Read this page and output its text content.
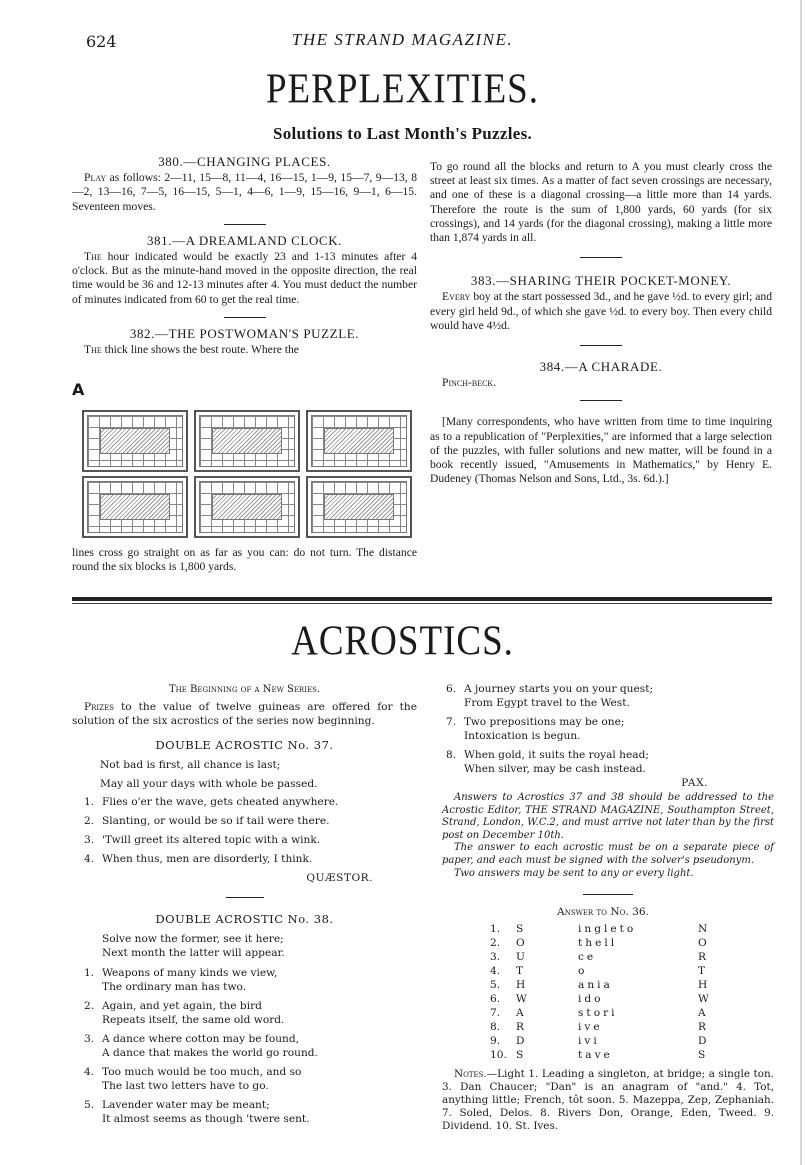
624	THE STRAND MAGAZINE.
PERPLEXITIES.
Solutions to Last Month's Puzzles.
380.—CHANGING PLACES.

Play as follows: 2—11, 15—8, 11—4, 16—15, 1—9, 15—7, 9—13, 8—2, 13—16, 7—5, 16—15, 5—1, 4—6, 1—9, 15—16, 9—1, 6—15. Seventeen moves.

381.—A DREAMLAND CLOCK.

The hour indicated would be exactly 23 and 1-13 minutes after 4 o'clock. But as the minute-hand moved in the opposite direction, the real time would be 36 and 12-13 minutes after 4. You must deduct the number of minutes indicated from 60 to get the real time.

382.—THE POSTWOMAN'S PUZZLE.

The thick line shows the best route. Where the

A

lines cross go straight on as far as you can: do not turn. The distance round the six blocks is 1,800 yards.

To go round all the blocks and return to A you must clearly cross the street at least six times. As a matter of fact seven crossings are necessary, and one of these is a diagonal crossing—a little more than 14 yards. Therefore the route is the sum of 1,800 yards, 60 yards (for six crossings), and 14 yards (for the diagonal crossing), making a little more than 1,874 yards in all.

383.—SHARING THEIR POCKET-MONEY.

Every boy at the start possessed 3d., and he gave ½d. to every girl; and every girl held 9d., of which she gave ½d. to every boy. Then every child would have 4½d.

384.—A CHARADE.

Pinch-beck.

[Many correspondents, who have written from time to time inquiring as to a republication of "Perplexities," are informed that a large selection of the puzzles, with fuller solutions and new matter, will be found in a book recently issued, "Amusements in Mathematics," by Henry E. Dudeney (Thomas Nelson and Sons, Ltd., 3s. 6d.).]

ACROSTICS.
The Beginning of a New Series.

Prizes to the value of twelve guineas are offered for the solution of the six acrostics of the series now beginning.

DOUBLE ACROSTIC No. 37.
Not bad is first, all chance is last;
May all your days with whole be passed.
1. Flies o'er the wave, gets cheated anywhere.
2. Slanting, or would be so if tail were there.
3. 'Twill greet its altered topic with a wink.
4. When thus, men are disorderly, I think.
QUÆSTOR.
DOUBLE ACROSTIC No. 38.
Solve now the former, see it here;
Next month the latter will appear.
1. Weapons of many kinds we view,
The ordinary man has two.
2. Again, and yet again, the bird
Repeats itself, the same old word.
3. A dance where cotton may be found,
A dance that makes the world go round.
4. Too much would be too much, and so
The last two letters have to go.
5. Lavender water may be meant;
It almost seems as though 'twere sent.
6. A journey starts you on your quest;
From Egypt travel to the West.
7. Two prepositions may be one;
Intoxication is begun.
8. When gold, it suits the royal head;
When silver, may be cash instead.
PAX.

Answers to Acrostics 37 and 38 should be addressed to the Acrostic Editor, THE STRAND MAGAZINE, Southampton Street, Strand, London, W.C.2, and must arrive not later than by the first post on December 10th.

The answer to each acrostic must be on a separate piece of paper, and each must be signed with the solver's pseudonym.

Two answers may be sent to any or every light.

Answer to No. 36.
1.	S	ingleto	N
2.	O	thell	O
3.	U	ce	R
4.	T	o	T
5.	H	ania	H
6.	W	ido	W
7.	A	stori	A
8.	R	ive	R
9.	D	ivi	D
10.	S	tave	S

Notes.—Light 1. Leading a singleton, at bridge; a single ton. 3. Dan Chaucer; "Dan" is an anagram of "and." 4. Tot, anything little; French, tôt soon. 5. Mazeppa, Zep, Zephaniah. 7. Soled, Delos. 8. Rivers Don, Orange, Eden, Tweed. 9. Dividend. 10. St. Ives.
